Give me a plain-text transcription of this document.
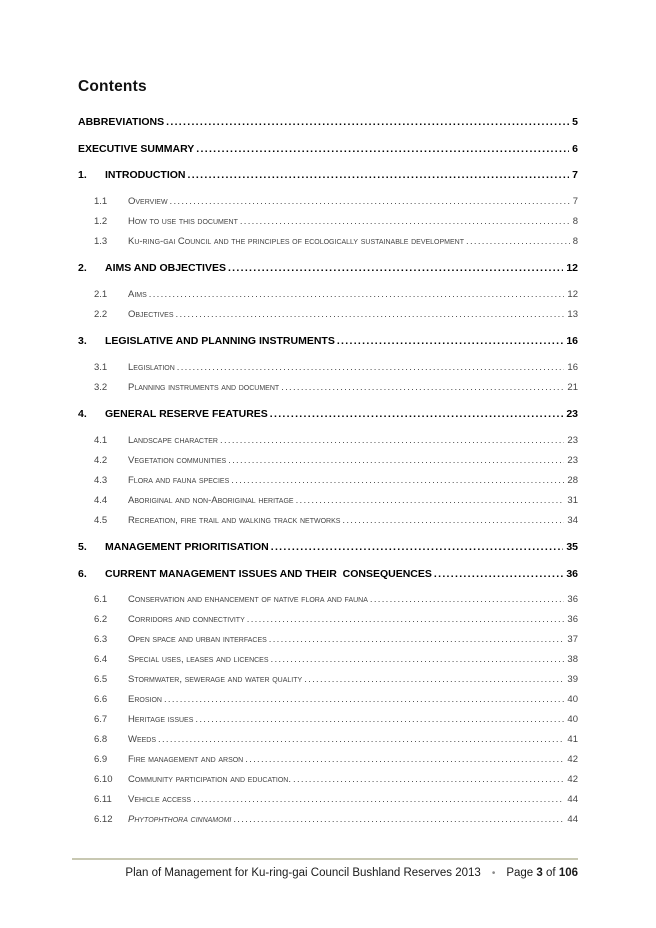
Contents
ABBREVIATIONS .....	5
EXECUTIVE SUMMARY .....	6
1.	INTRODUCTION .....	7
1.1	Overview .....	7
1.2	How to use this document .....	8
1.3	Ku-ring-gai Council and the principles of ecologically sustainable development .....	8
2.	AIMS AND OBJECTIVES .....	12
2.1	Aims .....	12
2.2	Objectives .....	13
3.	LEGISLATIVE AND PLANNING INSTRUMENTS .....	16
3.1	Legislation .....	16
3.2	Planning instruments and document .....	21
4.	GENERAL RESERVE FEATURES .....	23
4.1	Landscape character .....	23
4.2	Vegetation communities .....	23
4.3	Flora and fauna species .....	28
4.4	Aboriginal and non-Aboriginal heritage .....	31
4.5	Recreation, fire trail and walking track networks .....	34
5.	MANAGEMENT PRIORITISATION .....	35
6.	CURRENT MANAGEMENT ISSUES AND THEIR  CONSEQUENCES .....	36
6.1	Conservation and enhancement of native flora and fauna .....	36
6.2	Corridors and connectivity .....	36
6.3	Open space and urban interfaces .....	37
6.4	Special uses, leases and licences .....	38
6.5	Stormwater, sewerage and water quality .....	39
6.6	Erosion .....	40
6.7	Heritage issues .....	40
6.8	Weeds .....	41
6.9	Fire management and arson .....	42
6.10	Community participation and education. .....	42
6.11	Vehicle access .....	44
6.12	Phytophthora cinnamomi .....	44
Plan of Management for Ku-ring-gai Council Bushland Reserves 2013 • Page 3 of 106
